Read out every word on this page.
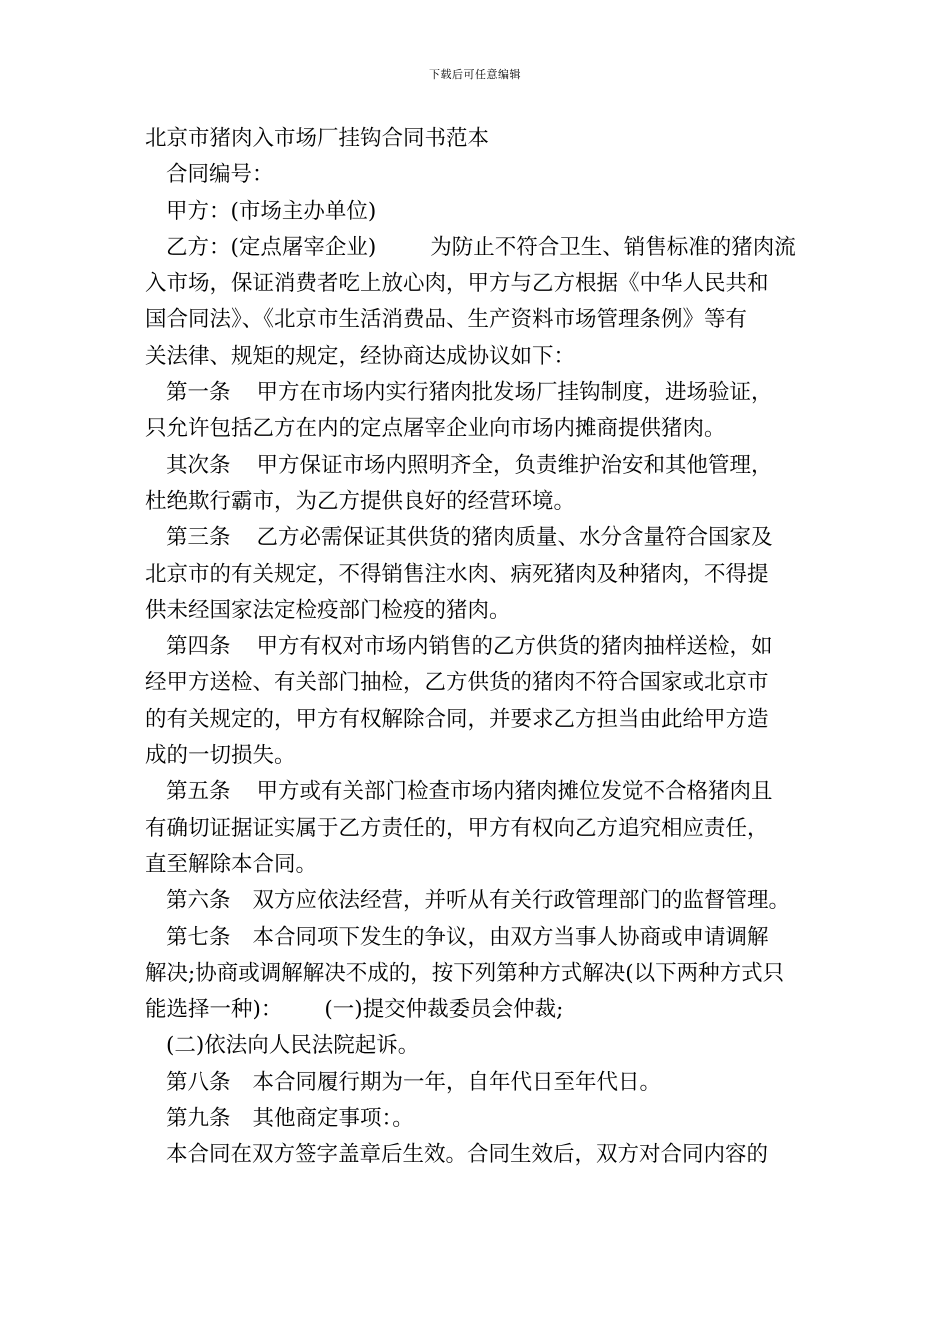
下载后可任意编辑
北京市猪肉入市场厂挂钩合同书范本
合同编号：
甲方：(市场主办单位)
乙方：(定点屠宰企业)	为防止不符合卫生、销售标准的猪肉流
入市场，保证消费者吃上放心肉，甲方与乙方根据《中华人民共和
国合同法》、《北京市生活消费品、生产资料市场管理条例》等有
关法律、规矩的规定，经协商达成协议如下：
第一条 甲方在市场内实行猪肉批发场厂挂钩制度，进场验证，
只允许包括乙方在内的定点屠宰企业向市场内摊商提供猪肉。
其次条 甲方保证市场内照明齐全，负责维护治安和其他管理，
杜绝欺行霸市，为乙方提供良好的经营环境。
第三条 乙方必需保证其供货的猪肉质量、水分含量符合国家及
北京市的有关规定，不得销售注水肉、病死猪肉及种猪肉，不得提
供未经国家法定检疫部门检疫的猪肉。
第四条 甲方有权对市场内销售的乙方供货的猪肉抽样送检，如
经甲方送检、有关部门抽检，乙方供货的猪肉不符合国家或北京市
的有关规定的，甲方有权解除合同，并要求乙方担当由此给甲方造
成的一切损失。
第五条 甲方或有关部门检查市场内猪肉摊位发觉不合格猪肉且
有确切证据证实属于乙方责任的，甲方有权向乙方追究相应责任，
直至解除本合同。
第六条 双方应依法经营，并听从有关行政管理部门的监督管理。
第七条 本合同项下发生的争议，由双方当事人协商或申请调解
解决;协商或调解解决不成的，按下列第种方式解决(以下两种方式只
能选择一种)： (一)提交仲裁委员会仲裁;
(二)依法向人民法院起诉。
第八条 本合同履行期为一年，自年代日至年代日。
第九条 其他商定事项：。
本合同在双方签字盖章后生效。合同生效后，双方对合同内容的
